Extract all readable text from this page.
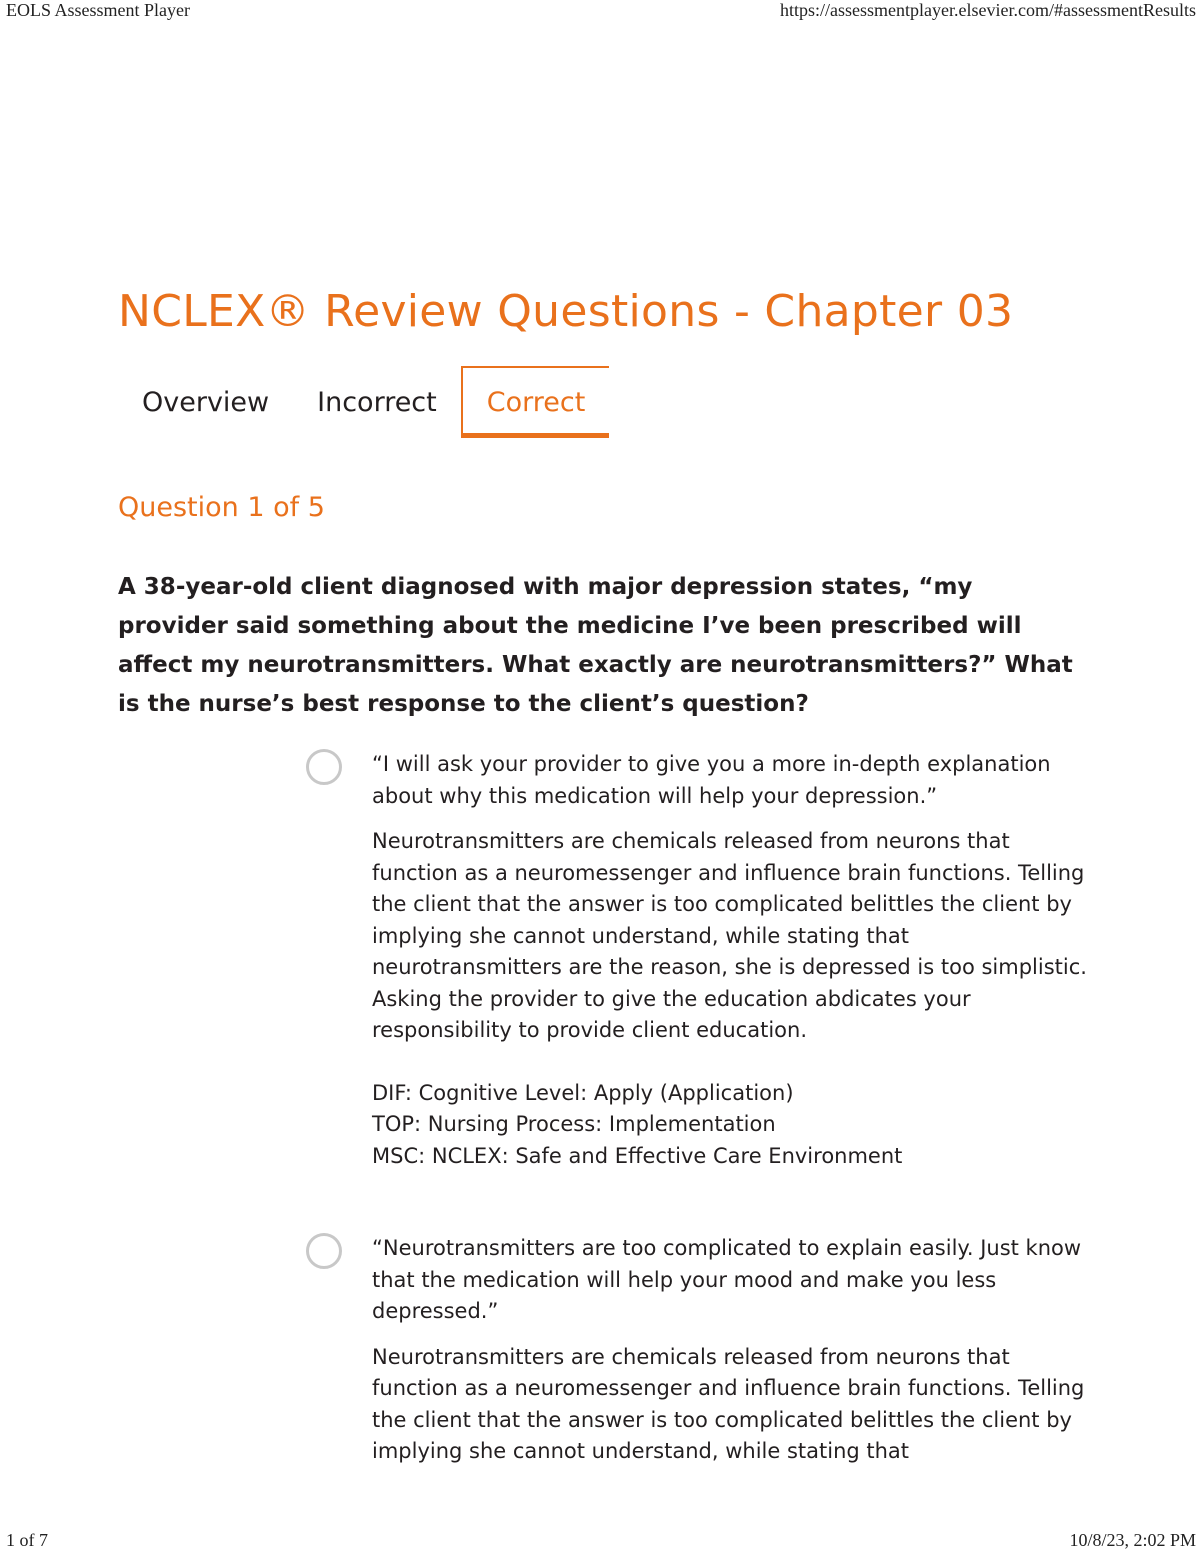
EOLS Assessment Player	https://assessmentplayer.elsevier.com/#assessmentResults
NCLEX® Review Questions - Chapter 03
Overview	Incorrect	Correct
Question 1 of 5

A 38-year-old client diagnosed with major depression states, “my provider said something about the medicine I’ve been prescribed will affect my neurotransmitters. What exactly are neurotransmitters?” What is the nurse’s best response to the client’s question?

“I will ask your provider to give you a more in-depth explanation about why this medication will help your depression.”

Neurotransmitters are chemicals released from neurons that function as a neuromessenger and influence brain functions. Telling the client that the answer is too complicated belittles the client by implying she cannot understand, while stating that neurotransmitters are the reason, she is depressed is too simplistic. Asking the provider to give the education abdicates your responsibility to provide client education.

DIF: Cognitive Level: Apply (Application)
TOP: Nursing Process: Implementation
MSC: NCLEX: Safe and Effective Care Environment

“Neurotransmitters are too complicated to explain easily. Just know that the medication will help your mood and make you less depressed.”

Neurotransmitters are chemicals released from neurons that function as a neuromessenger and influence brain functions. Telling the client that the answer is too complicated belittles the client by implying she cannot understand, while stating that

1 of 7	10/8/23, 2:02 PM
